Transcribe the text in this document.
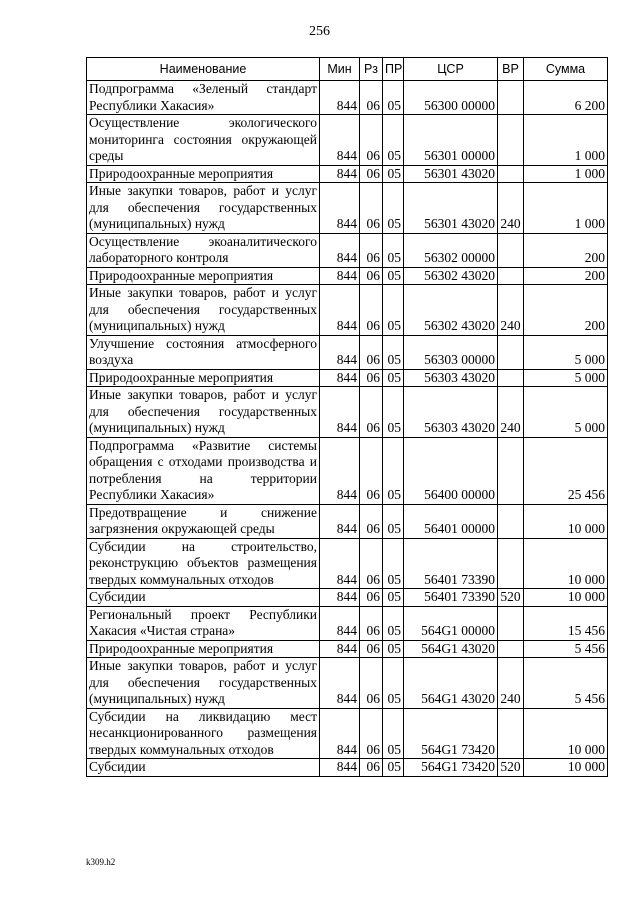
256
Наименование	Мин	Рз	ПР	ЦСР	ВР	Сумма
Подпрограмма «Зеленый стандарт Республики Хакасия»	844	06	05	56300 00000		6 200
Осуществление экологического мониторинга состояния окружающей среды	844	06	05	56301 00000		1 000
Природоохранные мероприятия	844	06	05	56301 43020		1 000
Иные закупки товаров, работ и услуг для обеспечения государственных (муниципальных) нужд	844	06	05	56301 43020	240	1 000
Осуществление экоаналитического лабораторного контроля	844	06	05	56302 00000		200
Природоохранные мероприятия	844	06	05	56302 43020		200
Иные закупки товаров, работ и услуг для обеспечения государственных (муниципальных) нужд	844	06	05	56302 43020	240	200
Улучшение состояния атмосферного воздуха	844	06	05	56303 00000		5 000
Природоохранные мероприятия	844	06	05	56303 43020		5 000
Иные закупки товаров, работ и услуг для обеспечения государственных (муниципальных) нужд	844	06	05	56303 43020	240	5 000
Подпрограмма «Развитие системы обращения с отходами производства и потребления на территории Республики Хакасия»	844	06	05	56400 00000		25 456
Предотвращение и снижение загрязнения окружающей среды	844	06	05	56401 00000		10 000
Субсидии на строительство, реконструкцию объектов размещения твердых коммунальных отходов	844	06	05	56401 73390		10 000
Субсидии	844	06	05	56401 73390	520	10 000
Региональный проект Республики Хакасия «Чистая страна»	844	06	05	564G1 00000		15 456
Природоохранные мероприятия	844	06	05	564G1 43020		5 456
Иные закупки товаров, работ и услуг для обеспечения государственных (муниципальных) нужд	844	06	05	564G1 43020	240	5 456
Субсидии на ликвидацию мест несанкционированного размещения твердых коммунальных отходов	844	06	05	564G1 73420		10 000
Субсидии	844	06	05	564G1 73420	520	10 000
k309.h2
